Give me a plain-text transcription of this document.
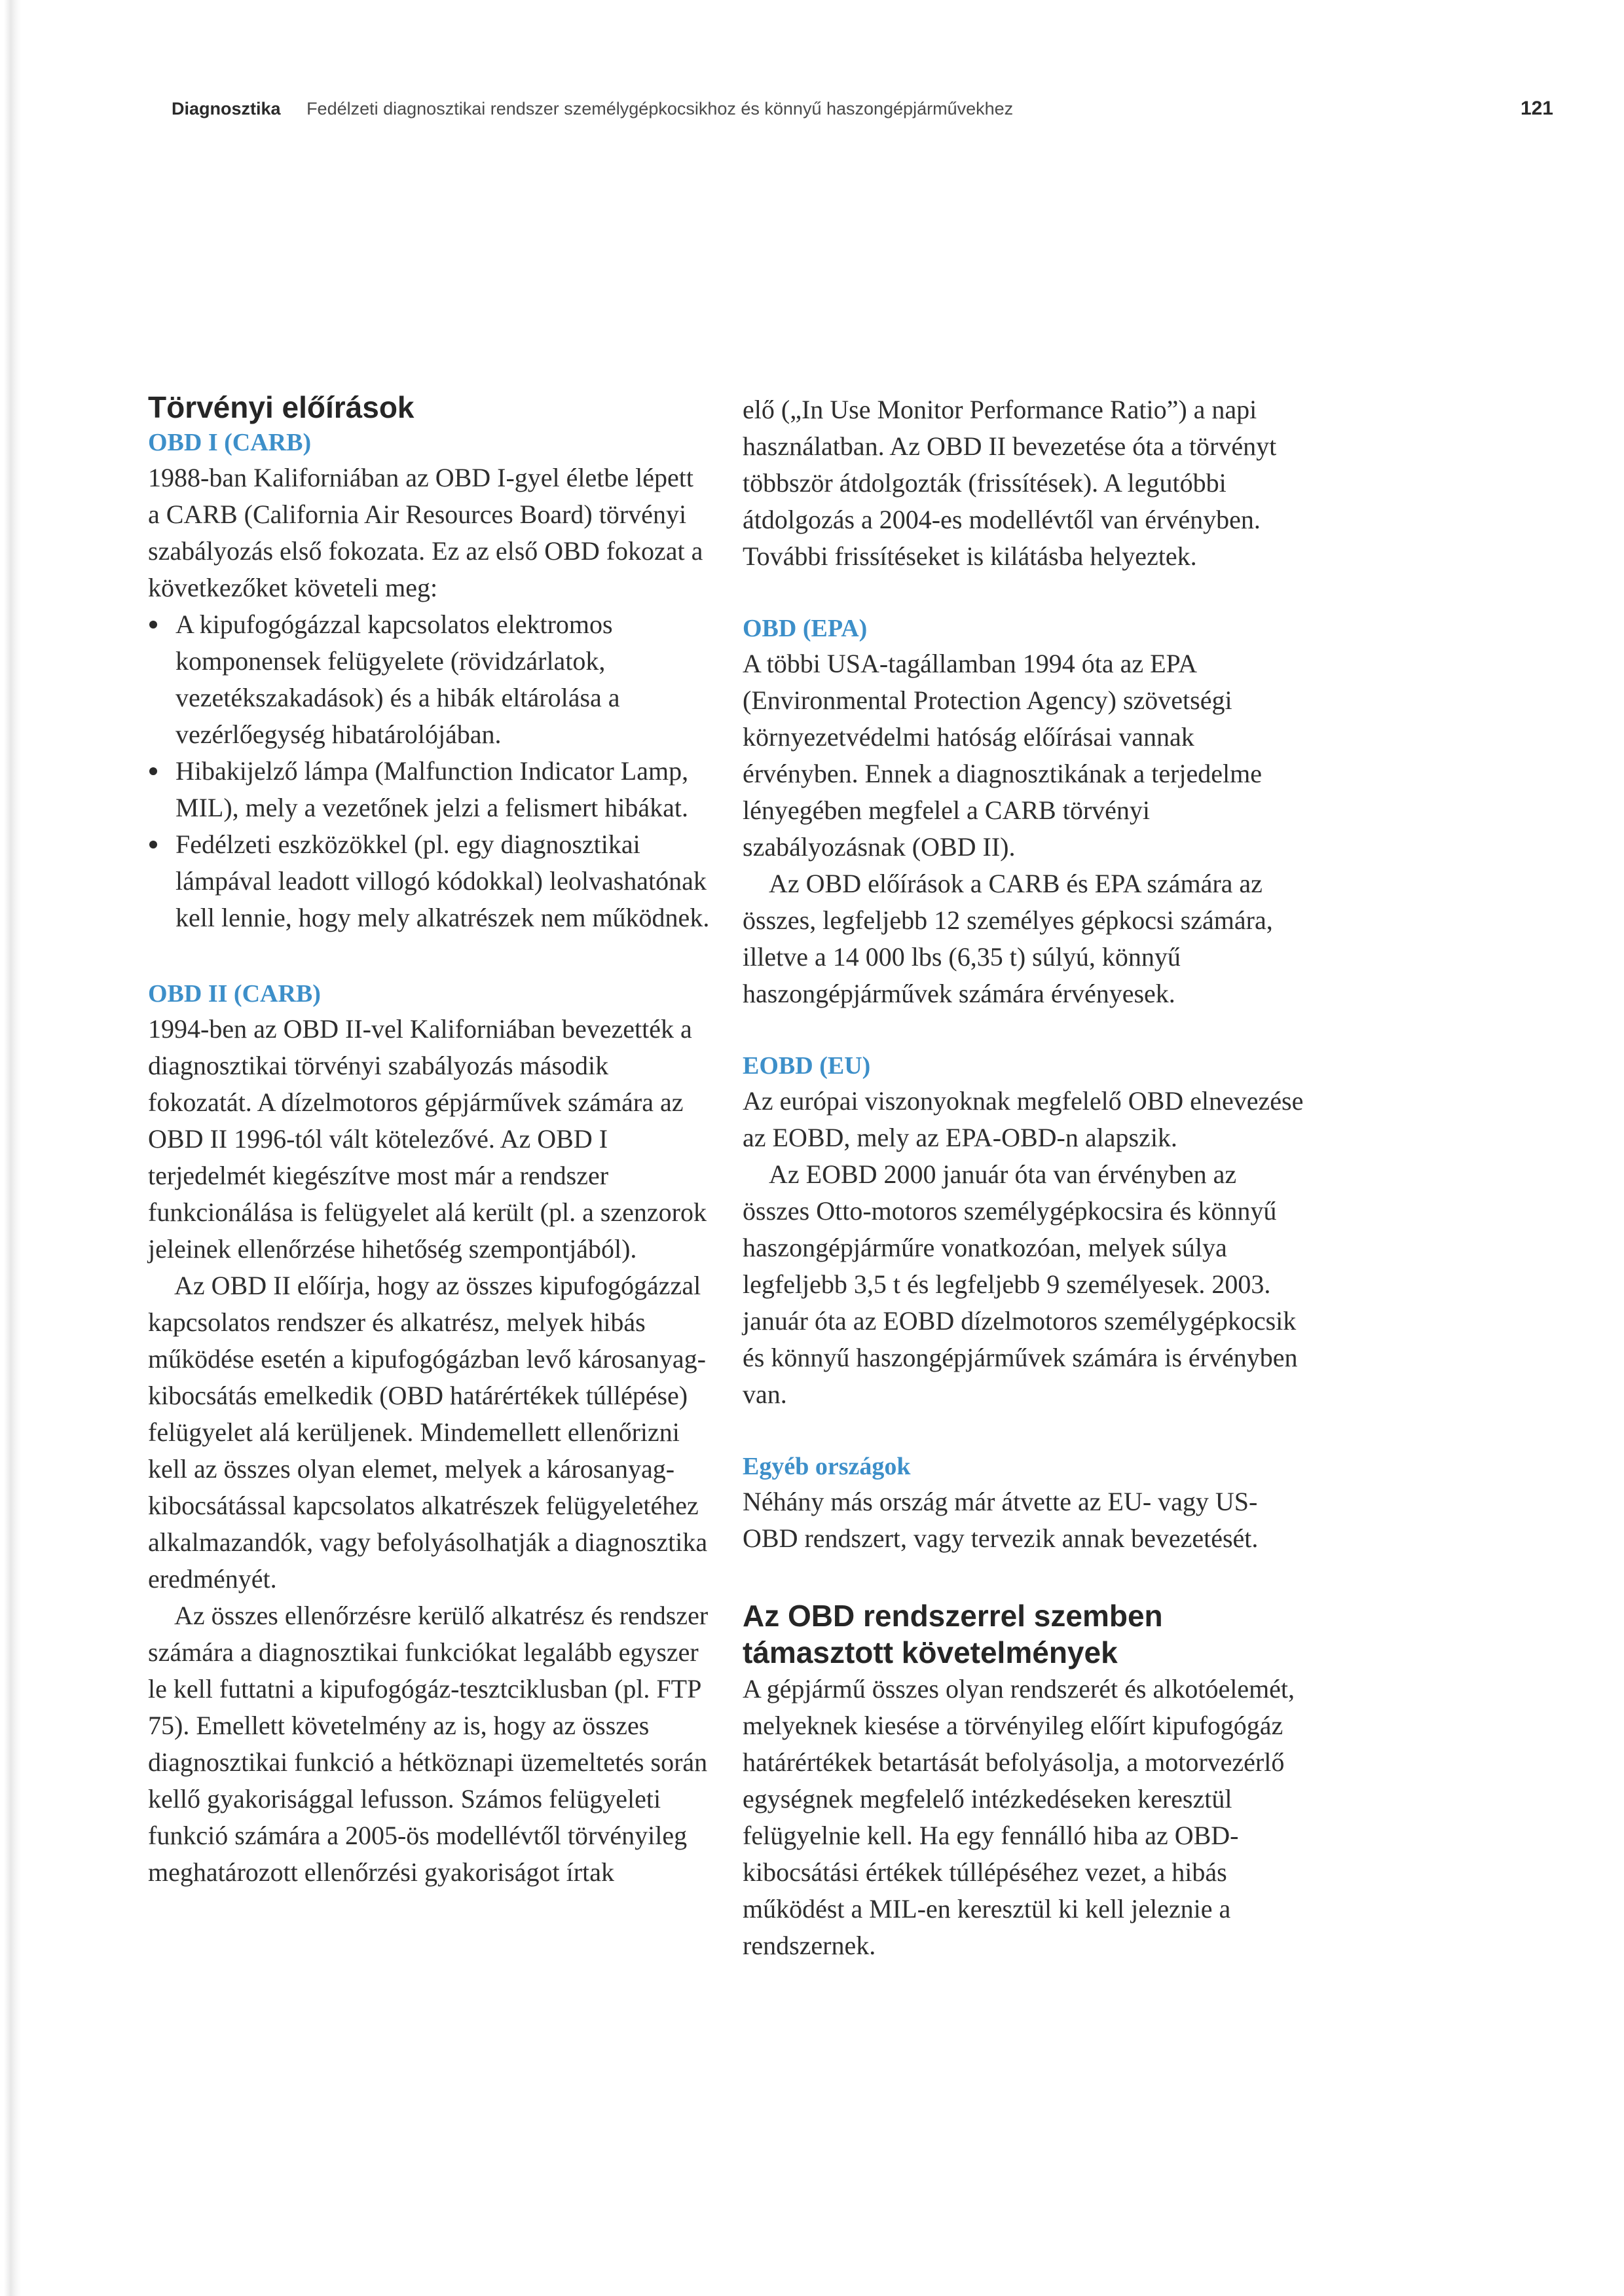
Diagnosztika Fedélzeti diagnosztikai rendszer személygépkocsikhoz és könnyű haszongépjárművekhez	121
Törvényi előírások
OBD I (CARB)

1988-ban Kaliforniában az OBD I-gyel életbe lépett a CARB (California Air Resources Board) törvényi szabályozás első fokozata. Ez az első OBD fokozat a következőket követeli meg:

A kipufogógázzal kapcsolatos elektromos komponensek felügyelete (rövidzárlatok, vezetékszakadások) és a hibák eltárolása a vezérlőegység hibatárolójában.
Hibakijelző lámpa (Malfunction Indicator Lamp, MIL), mely a vezetőnek jelzi a felismert hibákat.
Fedélzeti eszközökkel (pl. egy diagnosztikai lámpával leadott villogó kódokkal) leolvashatónak kell lennie, hogy mely alkatrészek nem működnek.
OBD II (CARB)

1994-ben az OBD II-vel Kaliforniában bevezették a diagnosztikai törvényi szabályozás második fokozatát. A dízelmotoros gépjárművek számára az OBD II 1996-tól vált kötelezővé. Az OBD I terjedelmét kiegészítve most már a rendszer funkcionálása is felügyelet alá került (pl. a szenzorok jeleinek ellenőrzése hihetőség szempontjából).

Az OBD II előírja, hogy az összes kipufogógázzal kapcsolatos rendszer és alkatrész, melyek hibás működése esetén a kipufogógázban levő károsanyag-kibocsátás emelkedik (OBD határértékek túllépése) felügyelet alá kerüljenek. Mindemellett ellenőrizni kell az összes olyan elemet, melyek a károsanyag-kibocsátással kapcsolatos alkatrészek felügyeletéhez alkalmazandók, vagy befolyásolhatják a diagnosztika eredményét.

Az összes ellenőrzésre kerülő alkatrész és rendszer számára a diagnosztikai funkciókat legalább egyszer le kell futtatni a kipufogógáz-tesztciklusban (pl. FTP 75). Emellett követelmény az is, hogy az összes diagnosztikai funkció a hétköznapi üzemeltetés során kellő gyakorisággal lefusson. Számos felügyeleti funkció számára a 2005-ös modellévtől törvényileg meghatározott ellenőrzési gyakoriságot írtak

elő („In Use Monitor Performance Ratio”) a napi használatban. Az OBD II bevezetése óta a törvényt többször átdolgozták (frissítések). A legutóbbi átdolgozás a 2004-es modellévtől van érvényben. További frissítéseket is kilátásba helyeztek.

OBD (EPA)

A többi USA-tagállamban 1994 óta az EPA (Environmental Protection Agency) szövetségi környezetvédelmi hatóság előírásai vannak érvényben. Ennek a diagnosztikának a terjedelme lényegében megfelel a CARB törvényi szabályozásnak (OBD II).

Az OBD előírások a CARB és EPA számára az összes, legfeljebb 12 személyes gépkocsi számára, illetve a 14 000 lbs (6,35 t) súlyú, könnyű haszongépjárművek számára érvényesek.

EOBD (EU)

Az európai viszonyoknak megfelelő OBD elnevezése az EOBD, mely az EPA-OBD-n alapszik.

Az EOBD 2000 január óta van érvényben az összes Otto-motoros személygépkocsira és könnyű haszongépjárműre vonatkozóan, melyek súlya legfeljebb 3,5 t és legfeljebb 9 személyesek. 2003. január óta az EOBD dízelmotoros személygépkocsik és könnyű haszongépjárművek számára is érvényben van.

Egyéb országok

Néhány más ország már átvette az EU- vagy US-OBD rendszert, vagy tervezik annak bevezetését.

Az OBD rendszerrel szemben támasztott követelmények

A gépjármű összes olyan rendszerét és alkotóelemét, melyeknek kiesése a törvényileg előírt kipufogógáz határértékek betartását befolyásolja, a motorvezérlő egységnek megfelelő intézkedéseken keresztül felügyelnie kell. Ha egy fennálló hiba az OBD-kibocsátási értékek túllépéséhez vezet, a hibás működést a MIL-en keresztül ki kell jeleznie a rendszernek.
